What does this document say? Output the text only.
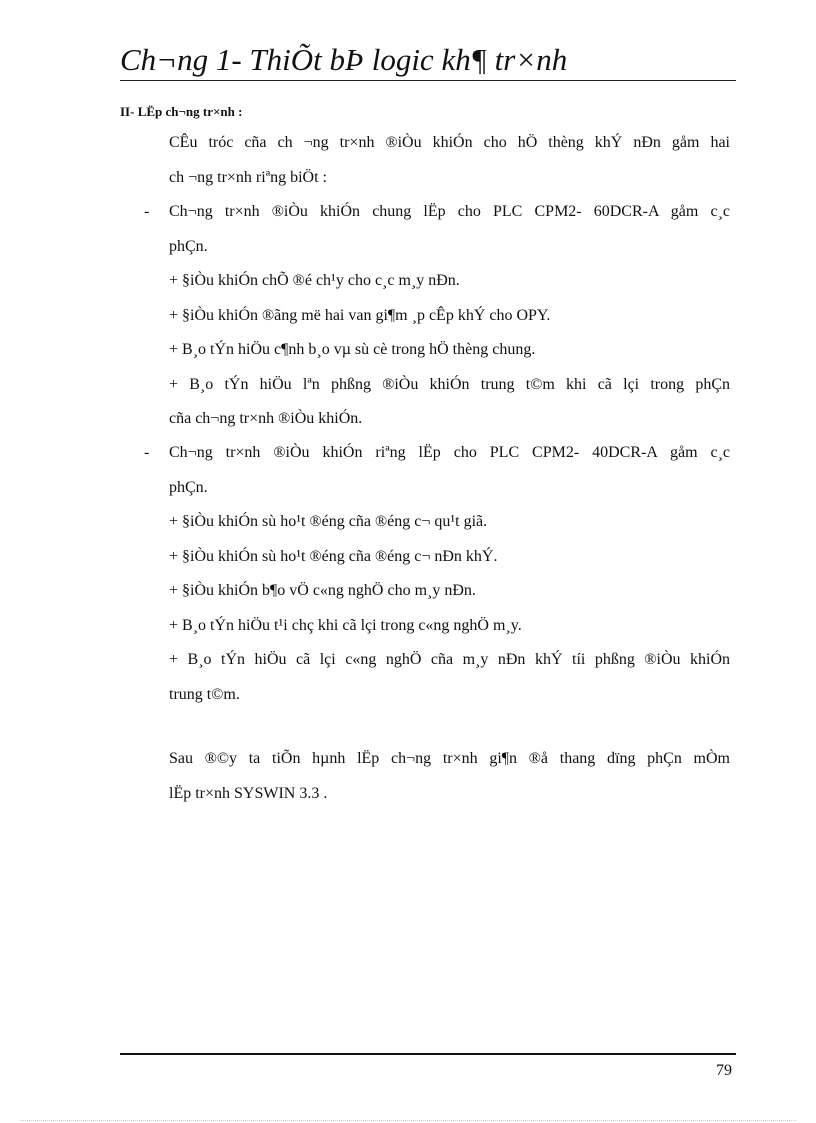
Ch¬ng 1- ThiÕt bÞ logic kh¶ tr×nh
II- LËp ch¬ng tr×nh :
CÊu tróc cña ch ¬ng tr×nh ®iÒu khiÓn cho hÖ thèng khÝ nÐn gåm hai
ch ¬ng tr×nh riªng biÖt :
- Ch¬ng tr×nh ®iÒu khiÓn chung lËp cho PLC CPM2- 60DCR-A gåm c¸c
phÇn.
+ §iÒu khiÓn chÕ ®é ch¹y cho c¸c m¸y nÐn.
+ §iÒu khiÓn ®ãng më hai van gi¶m ¸p cÊp khÝ cho OPY.
+ B¸o tÝn hiÖu c¶nh b¸o vµ sù cè trong hÖ thèng chung.
+ B¸o tÝn hiÖu lªn phßng ®iÒu khiÓn trung t©m khi cã lçi trong phÇn
cña ch¬ng tr×nh ®iÒu khiÓn.
- Ch¬ng tr×nh ®iÒu khiÓn riªng lËp cho PLC CPM2- 40DCR-A gåm c¸c
phÇn.
+ §iÒu khiÓn sù ho¹t ®éng cña ®éng c¬ qu¹t giã.
+ §iÒu khiÓn sù ho¹t ®éng cña ®éng c¬ nÐn khÝ.
+ §iÒu khiÓn b¶o vÖ c«ng nghÖ cho m¸y nÐn.
+ B¸o tÝn hiÖu t¹i chç khi cã lçi trong c«ng nghÖ m¸y.
+ B¸o tÝn hiÖu cã lçi c«ng nghÖ cña m¸y nÐn khÝ tíi phßng ®iÒu khiÓn
trung t©m.
Sau ®©y ta tiÕn hµnh lËp ch¬ng tr×nh gi¶n ®å thang dïng phÇn mÒm
lËp tr×nh SYSWIN 3.3 .
79
